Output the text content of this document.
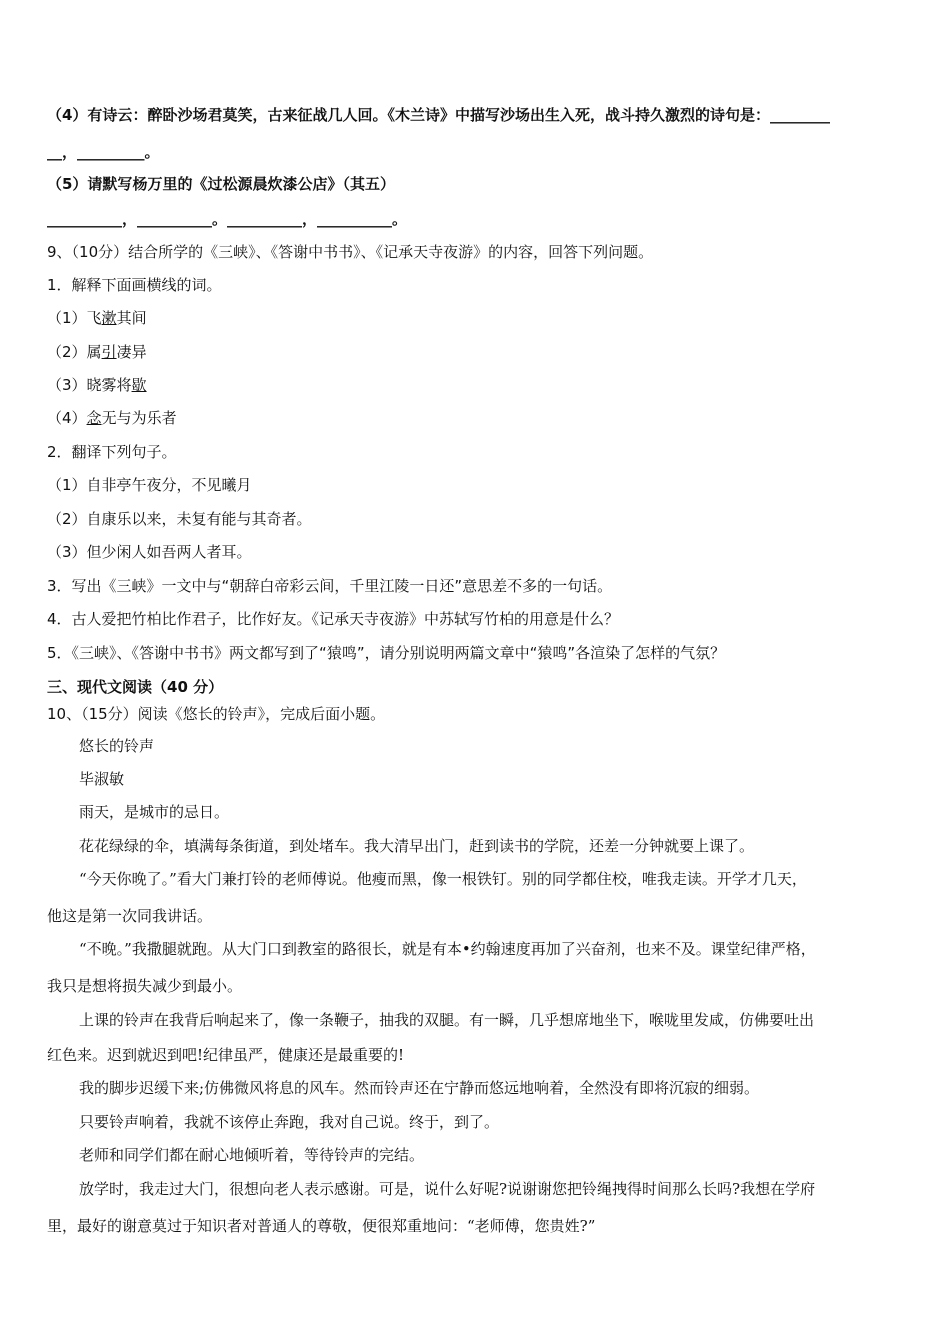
（4）有诗云：醉卧沙场君莫笑，古来征战几人回。《木兰诗》中描写沙场出生入死，战斗持久激烈的诗句是：________
__，_________。
（5）请默写杨万里的《过松源晨炊漆公店》（其五）
__________，__________。__________，__________。
9、（10分）结合所学的《三峡》、《答谢中书书》、《记承天寺夜游》的内容，回答下列问题。
1．解释下面画横线的词。
（1）飞漱其间
（2）属引凄异
（3）晓雾将歇
（4）念无与为乐者
2．翻译下列句子。
（1）自非亭午夜分，不见曦月
（2）自康乐以来，未复有能与其奇者。
（3）但少闲人如吾两人者耳。
3．写出《三峡》一文中与“朝辞白帝彩云间，千里江陵一日还”意思差不多的一句话。
4．古人爱把竹柏比作君子，比作好友。《记承天寺夜游》中苏轼写竹柏的用意是什么？
5．《三峡》、《答谢中书书》两文都写到了“猿鸣”，请分别说明两篇文章中“猿鸣”各渲染了怎样的气氛？
三、现代文阅读（40 分）
10、（15分）阅读《悠长的铃声》，完成后面小题。
悠长的铃声
毕淑敏
雨天，是城市的忌日。
花花绿绿的伞，填满每条街道，到处堵车。我大清早出门，赶到读书的学院，还差一分钟就要上课了。
“今天你晚了。”看大门兼打铃的老师傅说。他瘦而黑，像一根铁钉。别的同学都住校，唯我走读。开学才几天，
他这是第一次同我讲话。
“不晚。”我撒腿就跑。从大门口到教室的路很长，就是有本•约翰速度再加了兴奋剂，也来不及。课堂纪律严格，
我只是想将损失减少到最小。
上课的铃声在我背后响起来了，像一条鞭子，抽我的双腿。有一瞬，几乎想席地坐下，喉咙里发咸，仿佛要吐出
红色来。迟到就迟到吧!纪律虽严，健康还是最重要的!
我的脚步迟缓下来;仿佛微风将息的风车。然而铃声还在宁静而悠远地响着，全然没有即将沉寂的细弱。
只要铃声响着，我就不该停止奔跑，我对自己说。终于，到了。
老师和同学们都在耐心地倾听着，等待铃声的完结。
放学时，我走过大门，很想向老人表示感谢。可是，说什么好呢?说谢谢您把铃绳拽得时间那么长吗?我想在学府
里，最好的谢意莫过于知识者对普通人的尊敬，便很郑重地问：“老师傅，您贵姓?”
